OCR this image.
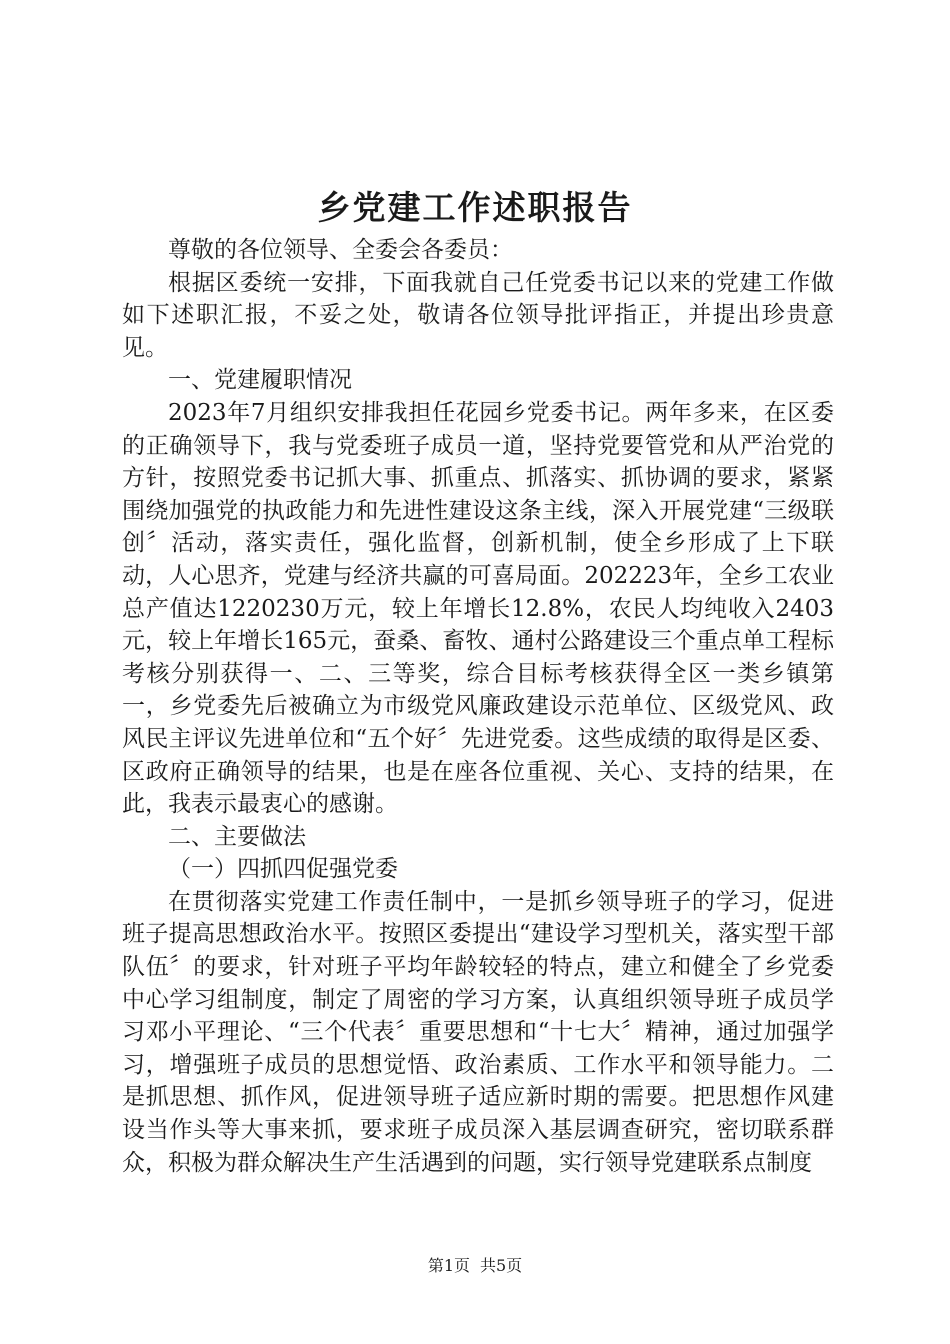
乡党建工作述职报告

尊敬的各位领导、全委会各委员：

根据区委统一安排，下面我就自己任党委书记以来的党建工作做如下述职汇报，不妥之处，敬请各位领导批评指正，并提出珍贵意见。

一、党建履职情况

2023年7月组织安排我担任花园乡党委书记。两年多来，在区委的正确领导下，我与党委班子成员一道，坚持党要管党和从严治党的方针，按照党委书记抓大事、抓重点、抓落实、抓协调的要求，紧紧围绕加强党的执政能力和先进性建设这条主线，深入开展党建“三级联创〞活动，落实责任，强化监督，创新机制，使全乡形成了上下联动，人心思齐，党建与经济共赢的可喜局面。202223年，全乡工农业总产值达1220230万元，较上年增长12.8%，农民人均纯收入2403元，较上年增长165元，蚕桑、畜牧、通村公路建设三个重点单工程标考核分别获得一、二、三等奖，综合目标考核获得全区一类乡镇第一，乡党委先后被确立为市级党风廉政建设示范单位、区级党风、政风民主评议先进单位和“五个好〞先进党委。这些成绩的取得是区委、区政府正确领导的结果，也是在座各位重视、关心、支持的结果，在此，我表示最衷心的感谢。

二、主要做法

（一）四抓四促强党委

在贯彻落实党建工作责任制中，一是抓乡领导班子的学习，促进班子提高思想政治水平。按照区委提出“建设学习型机关，落实型干部队伍〞的要求，针对班子平均年龄较轻的特点，建立和健全了乡党委中心学习组制度，制定了周密的学习方案，认真组织领导班子成员学习邓小平理论、“三个代表〞重要思想和“十七大〞精神，通过加强学习，增强班子成员的思想觉悟、政治素质、工作水平和领导能力。二是抓思想、抓作风，促进领导班子适应新时期的需要。把思想作风建设当作头等大事来抓，要求班子成员深入基层调查研究，密切联系群众，积极为群众解决生产生活遇到的问题，实行领导党建联系点制度

第1页 共5页
